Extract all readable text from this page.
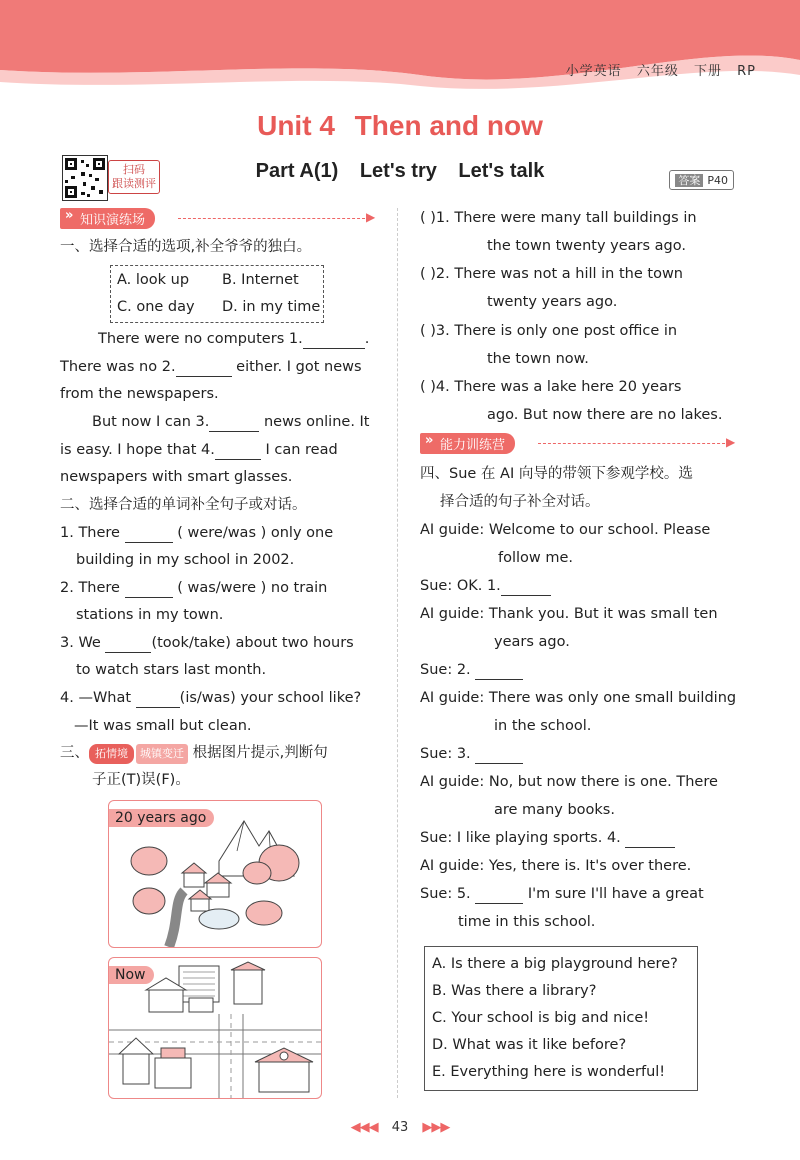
小学英语 六年级 下册 RP
Unit 4 Then and now
扫码
跟读测评
Part A(1) Let's try Let's talk	答案 P40
» 知识演练场	▶
一、选择合适的选项,补全爷爷的独白。
A. look up B. Internet
C. one day D. in my time
There were no computers 1.	.
There was no 2.	either. I got news
from the newspapers.
But now I can 3.	news online. It
is easy. I hope that 4.	I can read
newspapers with smart glasses.
二、选择合适的单词补全句子或对话。
1. There	( were/was ) only one
building in my school in 2002.
2. There	( was/were ) no train
stations in my town.
3. We	(took/take) about two hours
to watch stars last month.
4. —What	(is/was) your school like?
—It was small but clean.
三、 拓情境 城镇变迁 根据图片提示,判断句
子正(T)误(F)。
20 years ago
Now
( )1. There were many tall buildings in
the town twenty years ago.
( )2. There was not a hill in the town
twenty years ago.
( )3. There is only one post office in
the town now.
( )4. There was a lake here 20 years
ago. But now there are no lakes.
» 能力训练营	▶
四、Sue 在 AI 向导的带领下参观学校。选
择合适的句子补全对话。
AI guide: Welcome to our school. Please
follow me.
Sue: OK. 1.
AI guide: Thank you. But it was small ten
years ago.
Sue: 2.
AI guide: There was only one small building
in the school.
Sue: 3.
AI guide: No, but now there is one. There
are many books.
Sue: I like playing sports. 4.
AI guide: Yes, there is. It's over there.
Sue: 5.	I'm sure I'll have a great
time in this school.
A. Is there a big playground here?
B. Was there a library?
C. Your school is big and nice!
D. What was it like before?
E. Everything here is wonderful!
◀◀◀ 43 ▶▶▶
